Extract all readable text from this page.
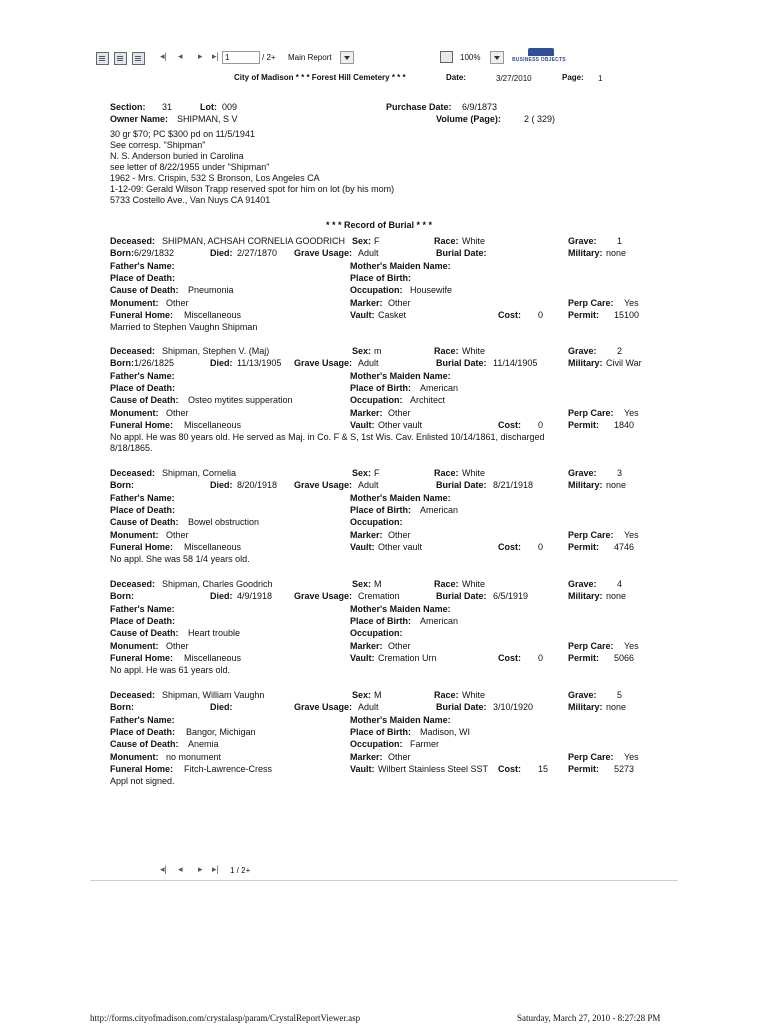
◂| ◂ ▸ ▸| 1	/ 2+ Main Report	100%	BUSINESS OBJECTS
City of Madison * * * Forest Hill Cemetery * * *	Date:	3/27/2010	Page: 1
Section: 31	Lot: 009	Purchase Date: 6/9/1873
Owner Name: SHIPMAN, S V	Volume (Page):	2 ( 329)
30 gr $70; PC $300 pd on 11/5/1941
See corresp. "Shipman"
N. S. Anderson buried in Carolina
see letter of 8/22/1955 under "Shipman"
1962 - Mrs. Crispin, 532 S Bronson, Los Angeles CA
1-12-09: Gerald Wilson Trapp reserved spot for him on lot (by his mom)
5733 Costello Ave., Van Nuys CA 91401
* * * Record of Burial * * *
Deceased: SHIPMAN, ACHSAH CORNELIA GOODRICH Sex: F	Race: White	Grave: 1
Born: 6/29/1832	Died: 2/27/1870 Grave Usage: Adult	Burial Date:	Military: none
Father's Name:	Mother's Maiden Name:
Place of Death:	Place of Birth:
Cause of Death: Pneumonia	Occupation: Housewife
Monument: Other	Marker: Other	Perp Care: Yes
Funeral Home: Miscellaneous	Vault: Casket	Cost: 0	Permit: 15100
Married to Stephen Vaughn Shipman
Deceased: Shipman, Stephen V. (Maj)	Sex: m	Race: White	Grave: 2
Born: 1/26/1825	Died: 11/13/1905 Grave Usage: Adult	Burial Date: 11/14/1905	Military: Civil War
Father's Name:	Mother's Maiden Name:
Place of Death:	Place of Birth: American
Cause of Death: Osteo mytites supperation	Occupation: Architect
Monument: Other	Marker: Other	Perp Care: Yes
Funeral Home: Miscellaneous	Vault: Other vault	Cost: 0	Permit: 1840
No appl. He was 80 years old. He served as Maj. in Co. F & S, 1st Wis. Cav. Enlisted 10/14/1861, discharged
8/18/1865.
Deceased: Shipman, Cornelia	Sex: F	Race: White	Grave: 3
Born:	Died: 8/20/1918 Grave Usage: Adult	Burial Date: 8/21/1918	Military: none
Father's Name:	Mother's Maiden Name:
Place of Death:	Place of Birth: American
Cause of Death: Bowel obstruction	Occupation:
Monument: Other	Marker: Other	Perp Care: Yes
Funeral Home: Miscellaneous	Vault: Other vault	Cost: 0	Permit: 4746
No appl. She was 58 1/4 years old.
Deceased: Shipman, Charles Goodrich	Sex: M	Race: White	Grave: 4
Born:	Died: 4/9/1918 Grave Usage: Cremation	Burial Date: 6/5/1919	Military: none
Father's Name:	Mother's Maiden Name:
Place of Death:	Place of Birth: American
Cause of Death: Heart trouble	Occupation:
Monument: Other	Marker: Other	Perp Care: Yes
Funeral Home: Miscellaneous	Vault: Cremation Urn	Cost: 0	Permit: 5066
No appl. He was 61 years old.
Deceased: Shipman, William Vaughn	Sex: M	Race: White	Grave: 5
Born:	Died:	Grave Usage: Adult	Burial Date: 3/10/1920	Military: none
Father's Name:	Mother's Maiden Name:
Place of Death: Bangor, Michigan	Place of Birth: Madison, WI
Cause of Death: Anemia	Occupation: Farmer
Monument: no monument	Marker: Other	Perp Care: Yes
Funeral Home: Fitch-Lawrence-Cress	Vault: Wilbert Stainless Steel SST Cost: 15 Permit: 5273
Appl not signed.
◂| ◂ ▸ ▸| 1 / 2+
http://forms.cityofmadison.com/crystalasp/param/CrystalReportViewer.asp	Saturday, March 27, 2010 - 8:27:28 PM
